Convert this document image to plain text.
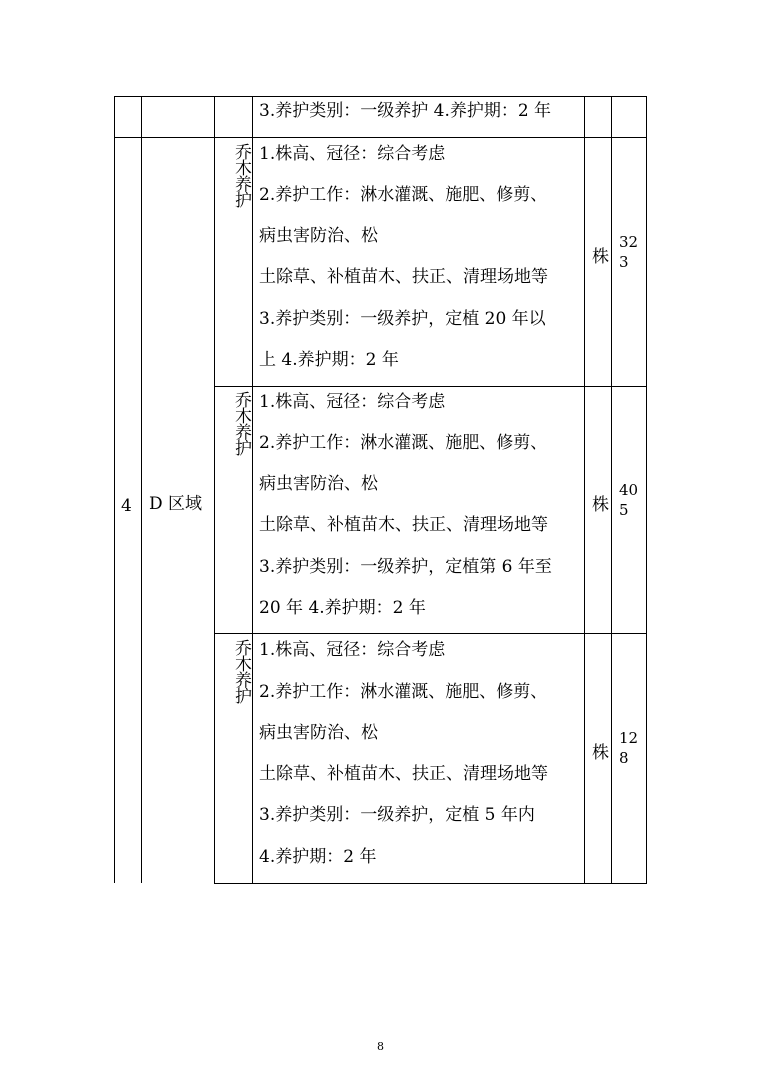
3.养护类别：一级养护 4.养护期：2 年
4 D 区域
乔
木
养
护
1.株高、冠径：综合考虑
2.养护工作：淋水灌溉、施肥、修剪、
病虫害防治、松
土除草、补植苗木、扶正、清理场地等
3.养护类别：一级养护，定植 20 年以
上 4.养护期：2 年
株
323
乔
木
养
护
1.株高、冠径：综合考虑
2.养护工作：淋水灌溉、施肥、修剪、
病虫害防治、松
土除草、补植苗木、扶正、清理场地等
3.养护类别：一级养护，定植第 6 年至
20 年 4.养护期：2 年
株
405
乔
木
养
护
1.株高、冠径：综合考虑
2.养护工作：淋水灌溉、施肥、修剪、
病虫害防治、松
土除草、补植苗木、扶正、清理场地等
3.养护类别：一级养护，定植 5 年内
4.养护期：2 年
株
128
8
